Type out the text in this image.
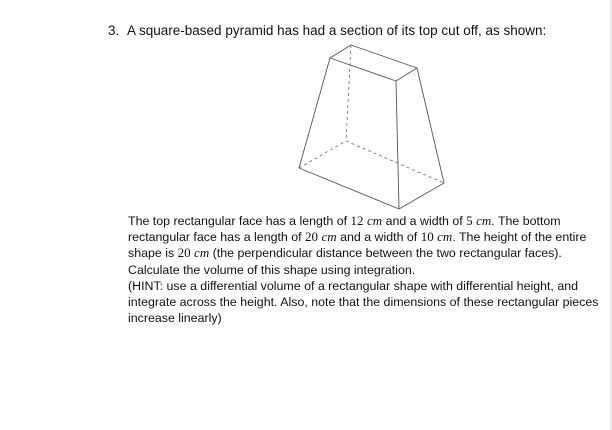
3. A square-based pyramid has had a section of its top cut off, as shown:

The top rectangular face has a length of 12 cm and a width of 5 cm. The bottom rectangular face has a length of 20 cm and a width of 10 cm. The height of the entire shape is 20 cm (the perpendicular distance between the two rectangular faces). Calculate the volume of this shape using integration.

(HINT: use a differential volume of a rectangular shape with differential height, and integrate across the height. Also, note that the dimensions of these rectangular pieces increase linearly)
